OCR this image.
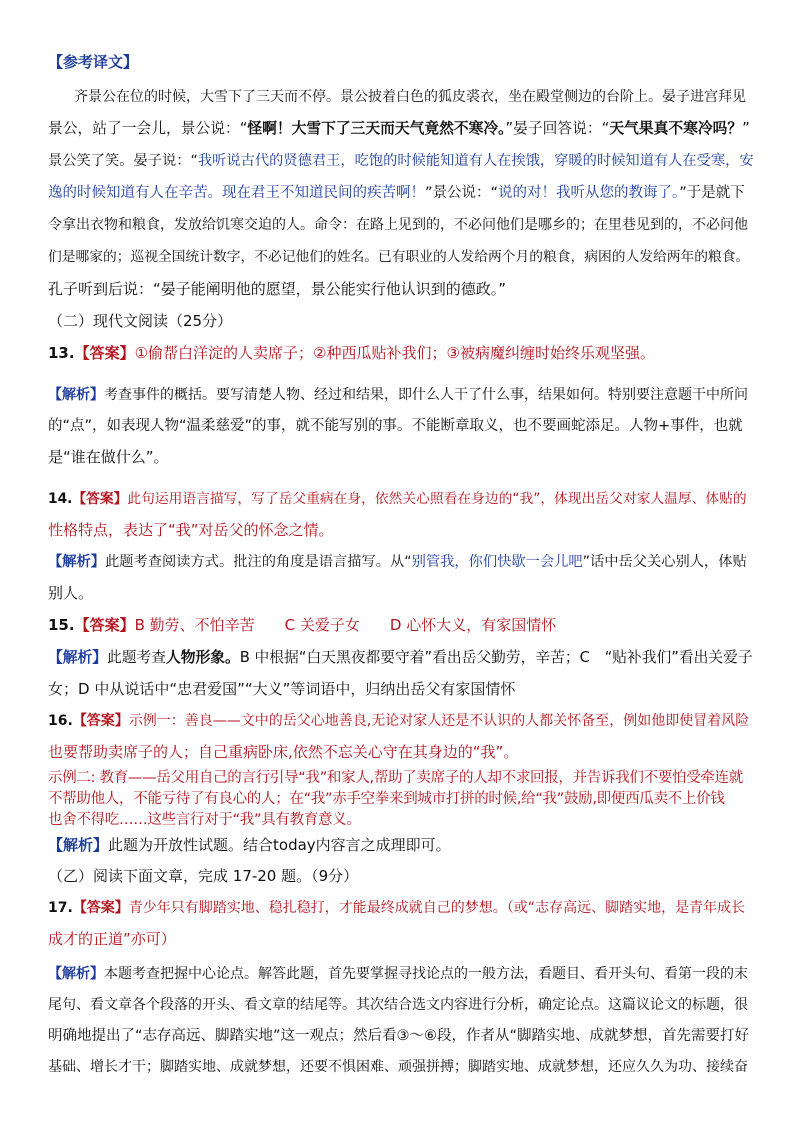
【参考译文】
齐景公在位的时候，大雪下了三天而不停。景公披着白色的狐皮裘衣，坐在殿堂侧边的台阶上。晏子进宫拜见
景公，站了一会儿，景公说：“怪啊！大雪下了三天而天气竟然不寒冷。”晏子回答说：“天气果真不寒冷吗？”
景公笑了笑。晏子说：“我听说古代的贤德君王，吃饱的时候能知道有人在挨饿，穿暖的时候知道有人在受寒，安
逸的时候知道有人在辛苦。现在君王不知道民间的疾苦啊！”景公说：“说的对！我听从您的教诲了。”于是就下
令拿出衣物和粮食，发放给饥寒交迫的人。命令：在路上见到的，不必问他们是哪乡的；在里巷见到的，不必问他
们是哪家的；巡视全国统计数字，不必记他们的姓名。已有职业的人发给两个月的粮食，病困的人发给两年的粮食。
孔子听到后说：“晏子能阐明他的愿望，景公能实行他认识到的德政。”
（二）现代文阅读（25分）
13.【答案】①偷帮白洋淀的人卖席子；②种西瓜贴补我们；③被病魔纠缠时始终乐观坚强。
【解析】考查事件的概括。要写清楚人物、经过和结果，即什么人干了什么事，结果如何。特别要注意题干中所问
的“点”，如表现人物“温柔慈爱”的事，就不能写别的事。不能断章取义，也不要画蛇添足。人物+事件，也就
是“谁在做什么”。
14.【答案】此句运用语言描写，写了岳父重病在身，依然关心照看在身边的“我”，体现出岳父对家人温厚、体贴的
性格特点，表达了“我”对岳父的怀念之情。
【解析】此题考查阅读方式。批注的角度是语言描写。从“别管我，你们快歇一会儿吧”话中岳父关心别人，体贴
别人。
15.【答案】B 勤劳、不怕辛苦　　C 关爱子女　　D 心怀大义，有家国情怀
【解析】此题考查人物形象。B 中根据“白天黑夜都要守着”看出岳父勤劳，辛苦；C　“贴补我们”看出关爱子
女；D 中从说话中“忠君爱国”“大义”等词语中，归纳出岳父有家国情怀
16.【答案】示例一：善良——文中的岳父心地善良,无论对家人还是不认识的人都关怀备至，例如他即使冒着风险
也要帮助卖席子的人；自己重病卧床,依然不忘关心守在其身边的“我”。
示例二: 教育——岳父用自己的言行引导“我”和家人,帮助了卖席子的人却不求回报，并告诉我们不要怕受牵连就
不帮助他人，不能亏待了有良心的人；在“我”赤手空拳来到城市打拼的时候,给“我”鼓励,即便西瓜卖不上价钱
也舍不得吃……这些言行对于“我”具有教育意义。
【解析】此题为开放性试题。结合today内容言之成理即可。
（乙）阅读下面文章，完成 17-20 题。（9分）
17.【答案】青少年只有脚踏实地、稳扎稳打，才能最终成就自己的梦想。（或“志存高远、脚踏实地，是青年成长
成才的正道”亦可）
【解析】本题考查把握中心论点。解答此题，首先要掌握寻找论点的一般方法，看题目、看开头句、看第一段的末
尾句、看文章各个段落的开头、看文章的结尾等。其次结合选文内容进行分析，确定论点。这篇议论文的标题，很
明确地提出了“志存高远、脚踏实地”这一观点；然后看③～⑥段，作者从“脚踏实地、成就梦想，首先需要打好
基础、增长才干；脚踏实地、成就梦想，还要不惧困难、顽强拼搏；脚踏实地、成就梦想，还应久久为功、接续奋
